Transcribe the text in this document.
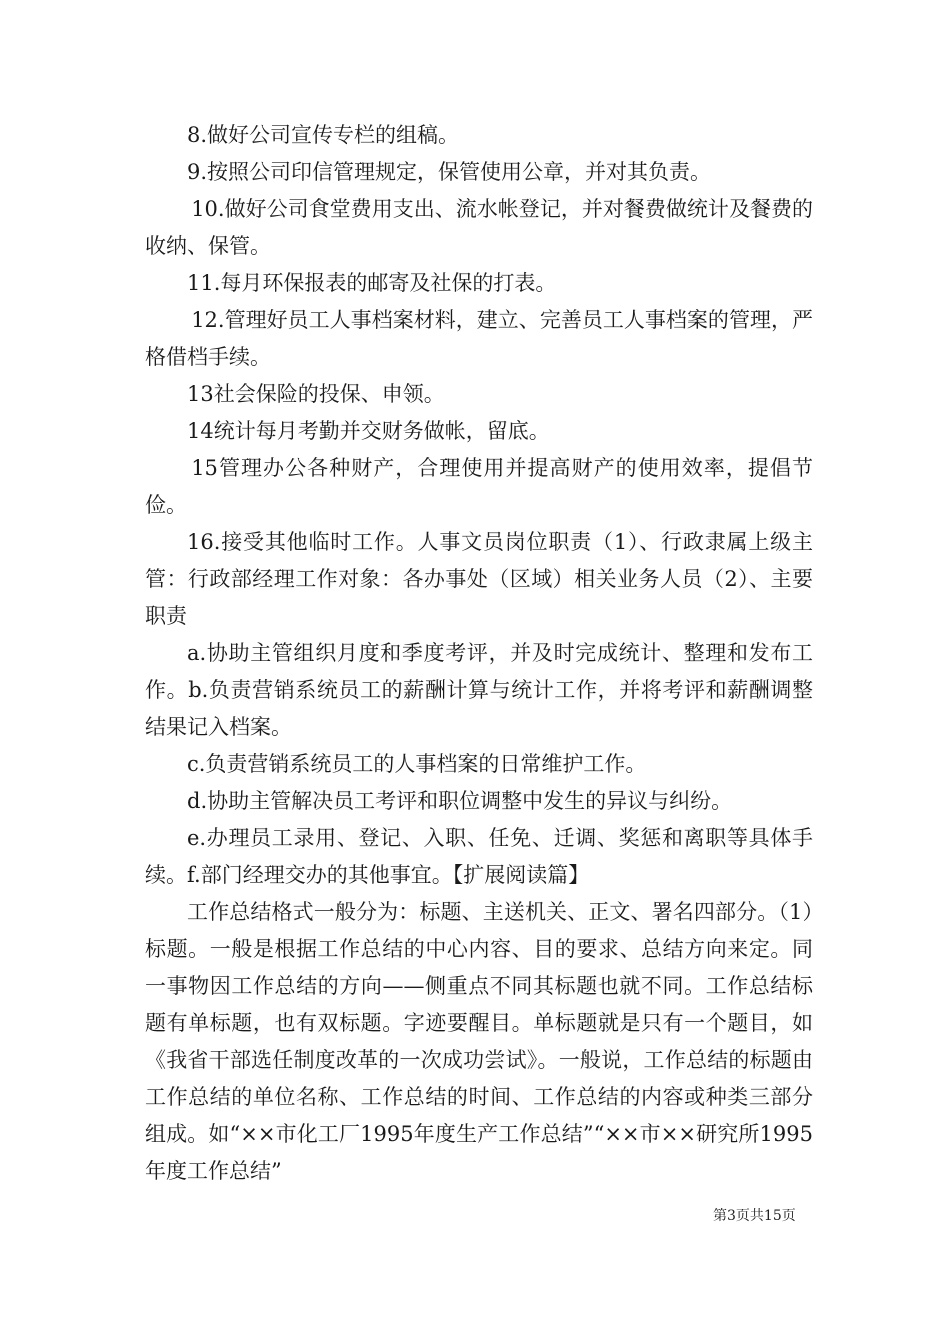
8.做好公司宣传专栏的组稿。

9.按照公司印信管理规定，保管使用公章，并对其负责。

10.做好公司食堂费用支出、流水帐登记，并对餐费做统计及餐费的收纳、保管。

11.每月环保报表的邮寄及社保的打表。

12.管理好员工人事档案材料，建立、完善员工人事档案的管理，严格借档手续。

13社会保险的投保、申领。

14统计每月考勤并交财务做帐，留底。

15管理办公各种财产，合理使用并提高财产的使用效率，提倡节俭。

16.接受其他临时工作。人事文员岗位职责（1）、行政隶属上级主管：行政部经理工作对象：各办事处（区域）相关业务人员（2）、主要职责

a.协助主管组织月度和季度考评，并及时完成统计、整理和发布工作。b.负责营销系统员工的薪酬计算与统计工作，并将考评和薪酬调整结果记入档案。

c.负责营销系统员工的人事档案的日常维护工作。

d.协助主管解决员工考评和职位调整中发生的异议与纠纷。

e.办理员工录用、登记、入职、任免、迁调、奖惩和离职等具体手续。f.部门经理交办的其他事宜。【扩展阅读篇】

工作总结格式一般分为：标题、主送机关、正文、署名四部分。（1）标题。一般是根据工作总结的中心内容、目的要求、总结方向来定。同一事物因工作总结的方向——侧重点不同其标题也就不同。工作总结标题有单标题，也有双标题。字迹要醒目。单标题就是只有一个题目，如《我省干部选任制度改革的一次成功尝试》。一般说，工作总结的标题由工作总结的单位名称、工作总结的时间、工作总结的内容或种类三部分组成。如“××市化工厂1995年度生产工作总结”“××市××研究所1995年度工作总结”

第3页共15页
